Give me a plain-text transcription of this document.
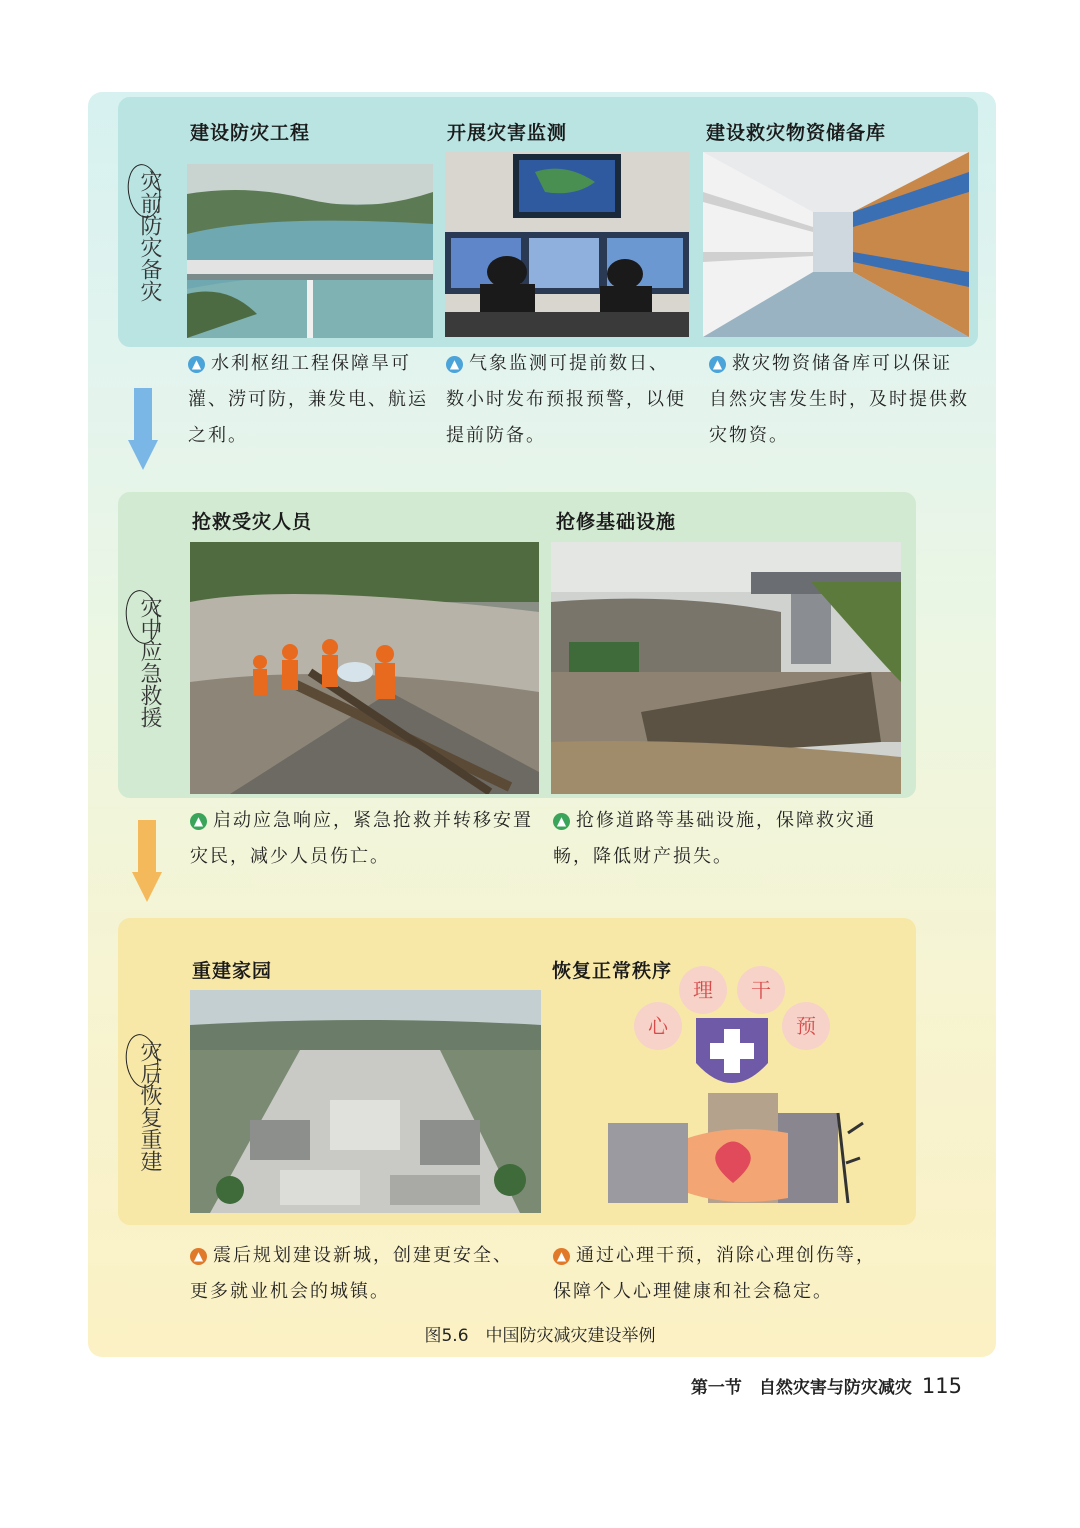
灾前防灾备灾
建设防灾工程	开展灾害监测	建设救灾物资储备库
▲ 水利枢纽工程保障旱可灌、涝可防，兼发电、航运之利。
▲ 气象监测可提前数日、数小时发布预报预警，以便提前防备。
▲ 救灾物资储备库可以保证自然灾害发生时，及时提供救灾物资。
灾中应急救援
抢救受灾人员	抢修基础设施
▲ 启动应急响应，紧急抢救并转移安置灾民，减少人员伤亡。
▲ 抢修道路等基础设施，保障救灾通畅，降低财产损失。
灾后恢复重建
重建家园	恢复正常秩序
心
理 干
预
▲ 震后规划建设新城，创建更安全、更多就业机会的城镇。
▲ 通过心理干预，消除心理创伤等，保障个人心理健康和社会稳定。
图5.6　中国防灾减灾建设举例
第一节　自然灾害与防灾减灾 115
